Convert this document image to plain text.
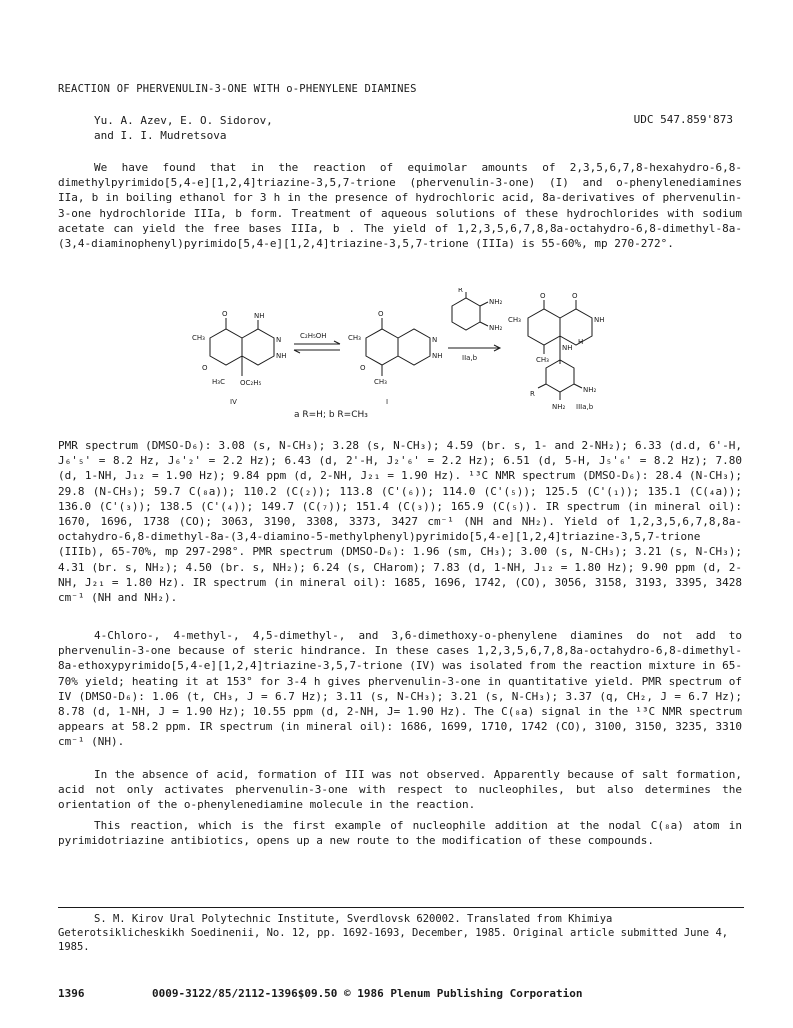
REACTION OF PHERVENULIN-3-ONE WITH o-PHENYLENE DIAMINES
Yu. A. Azev, E. O. Sidorov,
and I. I. Mudretsova
UDC 547.859'873

We have found that in the reaction of equimolar amounts of 2,3,5,6,7,8-hexahydro-6,8-dimethylpyrimido[5,4-e][1,2,4]triazine-3,5,7-trione (phervenulin-3-one) (I) and o-phenylenediamines IIa, b in boiling ethanol for 3 h in the presence of hydrochloric acid, 8a-derivatives of phervenulin-3-one hydrochloride IIIa, b form. Treatment of aqueous solutions of these hydrochlorides with sodium acetate can yield the free bases IIIa, b . The yield of 1,2,3,5,6,7,8,8a-octahydro-6,8-dimethyl-8a-(3,4-diaminophenyl)pyrimido[5,4-e][1,2,4]triazine-3,5,7-trione (IIIa) is 55-60%, mp 270-272°.

O	NH
N
NH
CH₃
O
H₃C OC₂H₅
IV
C₂H₅OH
O
CH₃
O
N
NH
CH₃
I
R
NH₂
NH₂
IIa,b
O	O
CH₃	NH
H
NH
CH₃
NH₂
R
NH₂ IIIa,b
a R=H; b R=CH₃

PMR spectrum (DMSO-D₆): 3.08 (s, N-CH₃); 3.28 (s, N-CH₃); 4.59 (br. s, 1- and 2-NH₂); 6.33 (d.d, 6'-H, J₆'₅' = 8.2 Hz, J₆'₂' = 2.2 Hz); 6.43 (d, 2'-H, J₂'₆' = 2.2 Hz); 6.51 (d, 5-H, J₅'₆' = 8.2 Hz); 7.80 (d, 1-NH, J₁₂ = 1.90 Hz); 9.84 ppm (d, 2-NH, J₂₁ = 1.90 Hz). ¹³C NMR spectrum (DMSO-D₆): 28.4 (N-CH₃); 29.8 (N-CH₃); 59.7 C(₈a)); 110.2 (C(₂)); 113.8 (C'(₆)); 114.0 (C'(₅)); 125.5 (C'(₁)); 135.1 (C(₄a)); 136.0 (C'(₃)); 138.5 (C'(₄)); 149.7 (C(₇)); 151.4 (C(₃)); 165.9 (C(₅)). IR spectrum (in mineral oil): 1670, 1696, 1738 (CO); 3063, 3190, 3308, 3373, 3427 cm⁻¹ (NH and NH₂). Yield of 1,2,3,5,6,7,8,8a-octahydro-6,8-dimethyl-8a-(3,4-diamino-5-methylphenyl)pyrimido[5,4-e][1,2,4]triazine-3,5,7-trione (IIIb), 65-70%, mp 297-298°. PMR spectrum (DMSO-D₆): 1.96 (sm, CH₃); 3.00 (s, N-CH₃); 3.21 (s, N-CH₃); 4.31 (br. s, NH₂); 4.50 (br. s, NH₂); 6.24 (s, CHarom); 7.83 (d, 1-NH, J₁₂ = 1.80 Hz); 9.90 ppm (d, 2-NH, J₂₁ = 1.80 Hz). IR spectrum (in mineral oil): 1685, 1696, 1742, (CO), 3056, 3158, 3193, 3395, 3428 cm⁻¹ (NH and NH₂).

4-Chloro-, 4-methyl-, 4,5-dimethyl-, and 3,6-dimethoxy-o-phenylene diamines do not add to phervenulin-3-one because of steric hindrance. In these cases 1,2,3,5,6,7,8,8a-octahydro-6,8-dimethyl-8a-ethoxypyrimido[5,4-e][1,2,4]triazine-3,5,7-trione (IV) was isolated from the reaction mixture in 65-70% yield; heating it at 153° for 3-4 h gives phervenulin-3-one in quantitative yield. PMR spectrum of IV (DMSO-D₆): 1.06 (t, CH₃, J = 6.7 Hz); 3.11 (s, N-CH₃); 3.21 (s, N-CH₃); 3.37 (q, CH₂, J = 6.7 Hz); 8.78 (d, 1-NH, J = 1.90 Hz); 10.55 ppm (d, 2-NH, J= 1.90 Hz). The C(₈a) signal in the ¹³C NMR spectrum appears at 58.2 ppm. IR spectrum (in mineral oil): 1686, 1699, 1710, 1742 (CO), 3100, 3150, 3235, 3310 cm⁻¹ (NH).

In the absence of acid, formation of III was not observed. Apparently because of salt formation, acid not only activates phervenulin-3-one with respect to nucleophiles, but also determines the orientation of the o-phenylenediamine molecule in the reaction.

This reaction, which is the first example of nucleophile addition at the nodal C(₈a) atom in pyrimidotriazine antibiotics, opens up a new route to the modification of these compounds.

S. M. Kirov Ural Polytechnic Institute, Sverdlovsk 620002. Translated from Khimiya Geterotsiklicheskikh Soedinenii, No. 12, pp. 1692-1693, December, 1985. Original article submitted June 4, 1985.

1396	0009-3122/85/2112-1396$09.50 © 1986 Plenum Publishing Corporation
